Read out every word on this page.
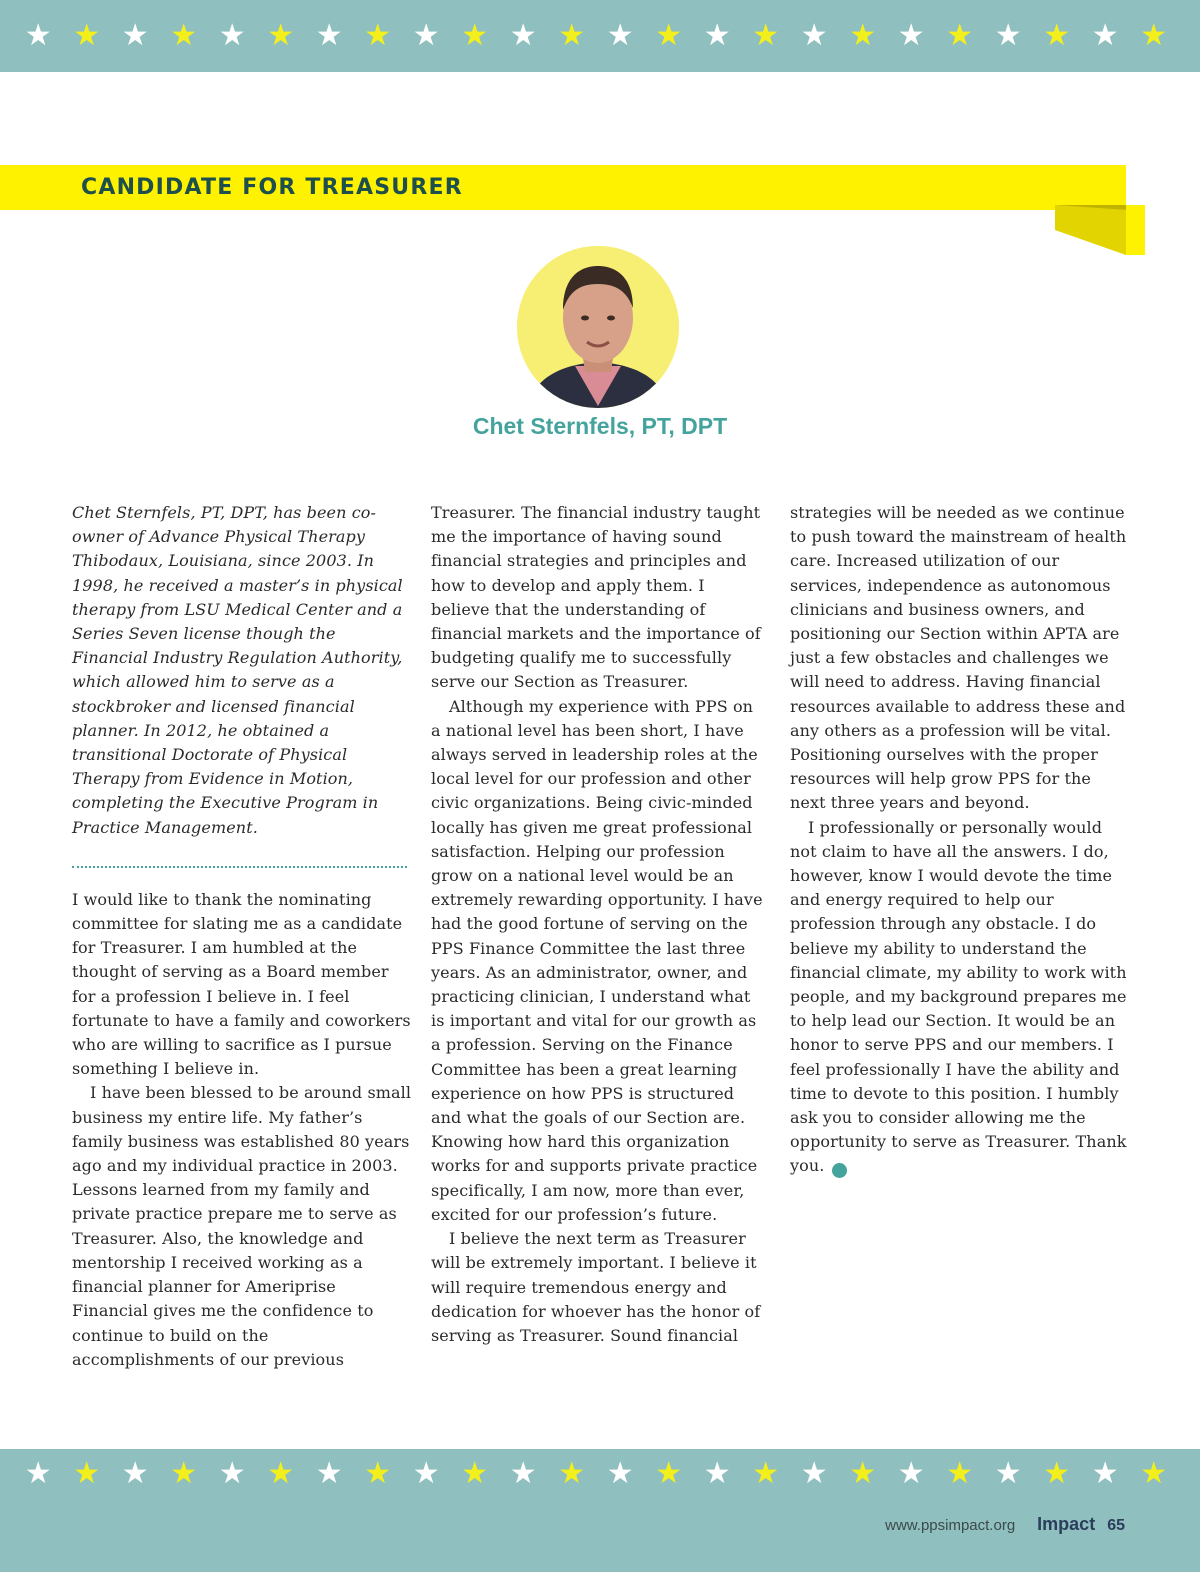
★ ★ ★ ★ ★ ★ ★ ★ ★ ★ ★ ★ ★ ★ ★ ★ ★ ★ ★ ★ ★ ★ ★ ★
CANDIDATE FOR TREASURER
Chet Sternfels, PT, DPT

Chet Sternfels, PT, DPT, has been co-owner of Advance Physical Therapy Thibodaux, Louisiana, since 2003. In 1998, he received a master’s in physical therapy from LSU Medical Center and a Series Seven license though the Financial Industry Regulation Authority, which allowed him to serve as a stockbroker and licensed financial planner. In 2012, he obtained a transitional Doctorate of Physical Therapy from Evidence in Motion, completing the Executive Program in Practice Management.

I would like to thank the nominating committee for slating me as a candidate for Treasurer. I am humbled at the thought of serving as a Board member for a profession I believe in. I feel fortunate to have a family and coworkers who are willing to sacrifice as I pursue something I believe in.

I have been blessed to be around small business my entire life. My father’s family business was established 80 years ago and my individual practice in 2003. Lessons learned from my family and private practice prepare me to serve as Treasurer. Also, the knowledge and mentorship I received working as a financial planner for Ameriprise Financial gives me the confidence to continue to build on the accomplishments of our previous

Treasurer. The financial industry taught me the importance of having sound financial strategies and principles and how to develop and apply them. I believe that the understanding of financial markets and the importance of budgeting qualify me to successfully serve our Section as Treasurer.

Although my experience with PPS on a national level has been short, I have always served in leadership roles at the local level for our profession and other civic organizations. Being civic-minded locally has given me great professional satisfaction. Helping our profession grow on a national level would be an extremely rewarding opportunity. I have had the good fortune of serving on the PPS Finance Committee the last three years. As an administrator, owner, and practicing clinician, I understand what is important and vital for our growth as a profession. Serving on the Finance Committee has been a great learning experience on how PPS is structured and what the goals of our Section are. Knowing how hard this organization works for and supports private practice specifically, I am now, more than ever, excited for our profession’s future.

I believe the next term as Treasurer will be extremely important. I believe it will require tremendous energy and dedication for whoever has the honor of serving as Treasurer. Sound financial

strategies will be needed as we continue to push toward the mainstream of health care. Increased utilization of our services, independence as autonomous clinicians and business owners, and positioning our Section within APTA are just a few obstacles and challenges we will need to address. Having financial resources available to address these and any others as a profession will be vital. Positioning ourselves with the proper resources will help grow PPS for the next three years and beyond.

I professionally or personally would not claim to have all the answers. I do, however, know I would devote the time and energy required to help our profession through any obstacle. I do believe my ability to understand the financial climate, my ability to work with people, and my background prepares me to help lead our Section. It would be an honor to serve PPS and our members. I feel professionally I have the ability and time to devote to this position. I humbly ask you to consider allowing me the opportunity to serve as Treasurer. Thank you.	★

★ ★ ★ ★ ★ ★ ★ ★ ★ ★ ★ ★ ★ ★ ★ ★ ★ ★ ★ ★ ★ ★ ★ ★
www.ppsimpact.org Impact 65
